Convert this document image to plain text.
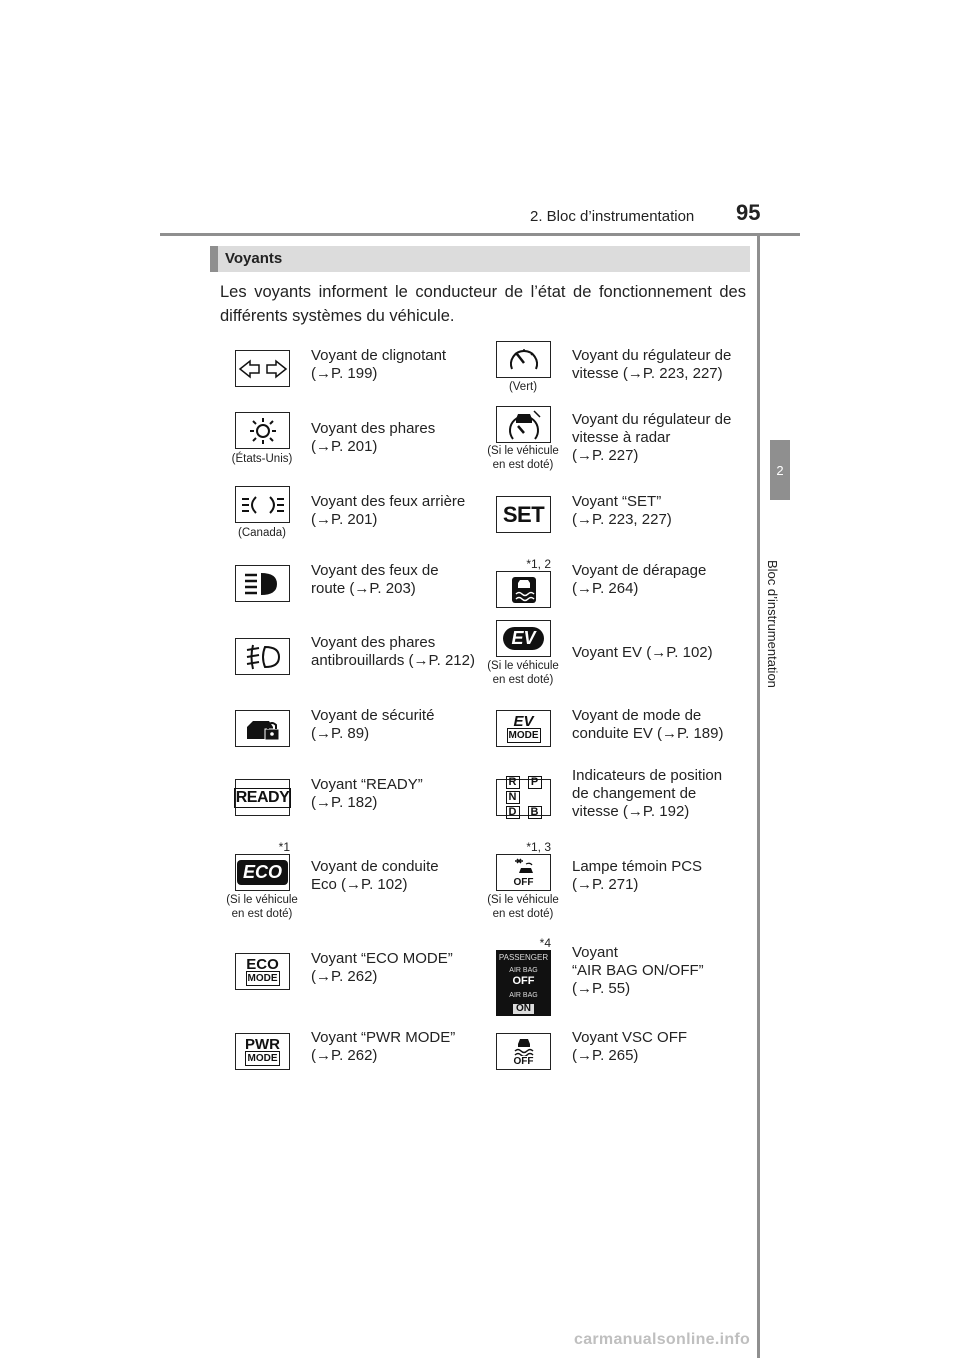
2. Bloc d’instrumentation 95
2
Bloc d’instrumentation
Voyants
Les voyants informent le conducteur de l’état de fonctionnement des différents systèmes du véhicule.
Voyant de clignotant
(→P. 199)
(États-Unis)
Voyant des phares
(→P. 201)
(Canada)
Voyant des feux arrière
(→P. 201)
Voyant des feux de
route (→P. 203)
Voyant des phares
antibrouillards (→P. 212)
Voyant de sécurité
(→P. 89)
READY
Voyant “READY”
(→P. 182)
*1
ECO
(Si le véhicule
en est doté)
Voyant de conduite
Eco (→P. 102)
ECO
MODE
Voyant “ECO MODE”
(→P. 262)
PWR
MODE
Voyant “PWR MODE”
(→P. 262)
(Vert)
Voyant du régulateur de
vitesse (→P. 223, 227)
(Si le véhicule
en est doté)
Voyant du régulateur de
vitesse à radar
(→P. 227)
SET Voyant “SET”
(→P. 223, 227)
*1, 2 Voyant de dérapage
(→P. 264)
EV
(Si le véhicule
en est doté)
Voyant EV (→P. 102)
EV
MODE
Voyant de mode de
conduite EV (→P. 189)
R	P
N
D B
Indicateurs de position
de changement de
vitesse (→P. 192)
*1, 3
OFF
(Si le véhicule
en est doté)
Lampe témoin PCS
(→P. 271)
*4
PASSENGER
AIR BAG
OFF
AIR BAG
ON
Voyant
“AIR BAG ON/OFF”
(→P. 55)
OFF
Voyant VSC OFF
(→P. 265)
carmanualsonline.info
